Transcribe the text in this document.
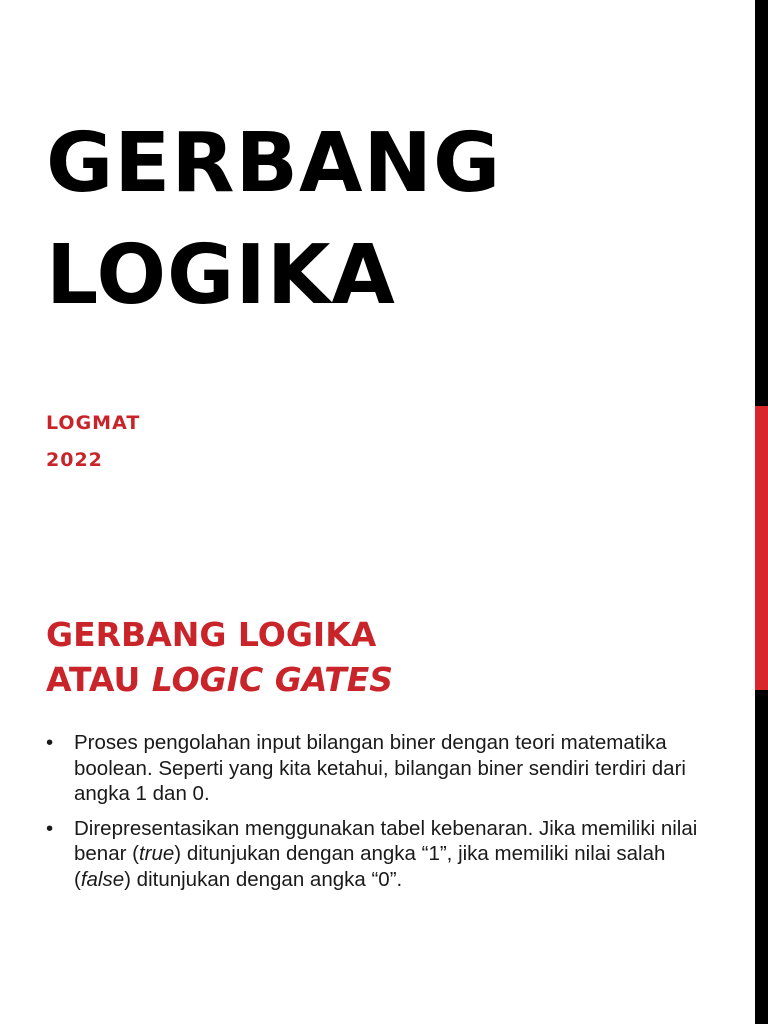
GERBANG
LOGIKA
LOGMAT
2022
GERBANG LOGIKA
ATAU LOGIC GATES
• Proses pengolahan input bilangan biner dengan teori matematika boolean. Seperti yang kita ketahui, bilangan biner sendiri terdiri dari angka 1 dan 0.
• Direpresentasikan menggunakan tabel kebenaran. Jika memiliki nilai benar (true) ditunjukan dengan angka “1”, jika memiliki nilai salah (false) ditunjukan dengan angka “0”.
